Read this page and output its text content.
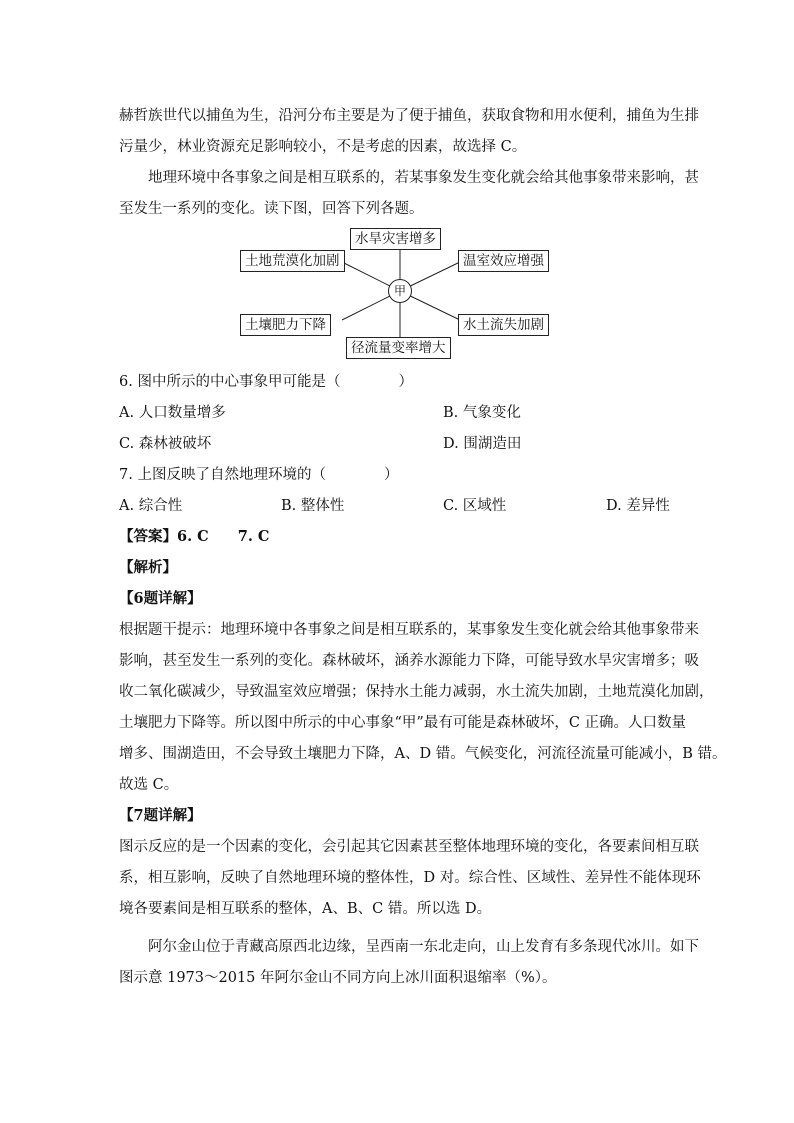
赫哲族世代以捕鱼为生，沿河分布主要是为了便于捕鱼，获取食物和用水便利，捕鱼为生排
污量少，林业资源充足影响较小，不是考虑的因素，故选择 C。
地理环境中各事象之间是相互联系的，若某事象发生变化就会给其他事象带来影响，甚
至发生一系列的变化。读下图，回答下列各题。
水旱灾害增多
土地荒漠化加剧	温室效应增强
甲
土壤肥力下降	水土流失加剧
径流量变率增大
6. 图中所示的中心事象甲可能是（　　　　）
A. 人口数量增多	B. 气象变化
C. 森林被破坏	D. 围湖造田
7. 上图反映了自然地理环境的（　　　　）
A. 综合性	B. 整体性	C. 区域性	D. 差异性
【答案】6. C　　7. C
【解析】
【6题详解】
根据题干提示：地理环境中各事象之间是相互联系的，某事象发生变化就会给其他事象带来
影响，甚至发生一系列的变化。森林破坏，涵养水源能力下降，可能导致水旱灾害增多；吸
收二氧化碳减少，导致温室效应增强；保持水土能力减弱，水土流失加剧，土地荒漠化加剧，
土壤肥力下降等。所以图中所示的中心事象“甲”最有可能是森林破坏，C 正确。人口数量
增多、围湖造田，不会导致土壤肥力下降，A、D 错。气候变化，河流径流量可能减小，B 错。
故选 C。
【7题详解】
图示反应的是一个因素的变化，会引起其它因素甚至整体地理环境的变化，各要素间相互联
系，相互影响，反映了自然地理环境的整体性，D 对。综合性、区域性、差异性不能体现环
境各要素间是相互联系的整体，A、B、C 错。所以选 D。
阿尔金山位于青藏高原西北边缘，呈西南一东北走向，山上发育有多条现代冰川。如下
图示意 1973～2015 年阿尔金山不同方向上冰川面积退缩率（%）。
